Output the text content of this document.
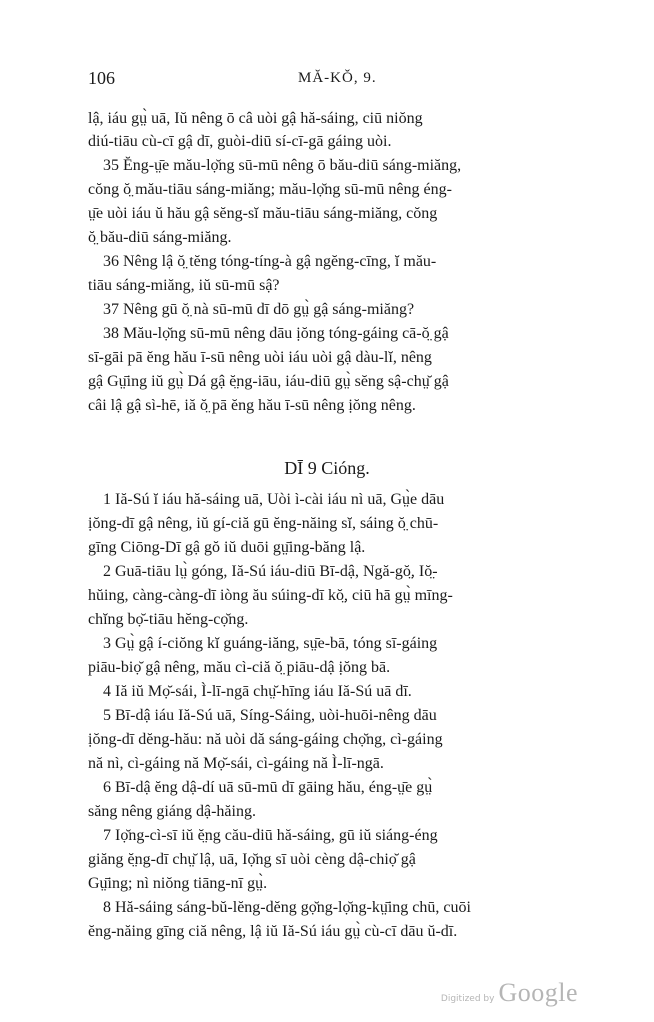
106	MĂ-KŎ, 9.
lậ, iáu gṳ̀ uā, Iŭ nêng ō câ uòi gậ hă-sáing, ciū niŏng
diú-tiāu cù-cī gậ dī, guòi-diū sí-cī-gā gáing uòi.
35 Ĕng-ṳ̄e mău-lọ̆ng sū-mū nêng ō bău-diū sáng-miăng,
cŏng ŏ̤ mău-tiāu sáng-miăng; mău-lọ̆ng sū-mū nêng éng-
ṳ̄e uòi iáu ŭ hău gậ sĕng-sĭ mău-tiāu sáng-miăng, cŏng
ŏ̤ bău-diū sáng-miăng.
36 Nêng lậ ŏ̤ tĕng tóng-tíng-à gậ ngĕng-cīng, ĭ mău-
tiāu sáng-miăng, iŭ sū-mū sậ?
37 Nêng gū ŏ̤ nà sū-mū dī dō gṳ̀ gậ sáng-miăng?
38 Mău-lọ̆ng sū-mū nêng dāu ịŏng tóng-gáing cā-ŏ̤ gậ
sī-gāi pā ĕng hău ī-sū nêng uòi iáu uòi gậ dàu-lĭ, nêng
gậ Gṳ̄ing iŭ gṳ̀ Dá gậ ĕ̤ng-iāu, iáu-diū gṳ̀ sĕng sậ-chṳ̆ gậ
câi lậ gậ sì-hē, iă ŏ̤ pā ĕng hău ī-sū nêng ịŏng nêng.
DĪ 9 Cióng.
1 Iă-Sú ĭ iáu hă-sáing uā, Uòi ì-cài iáu nì uā, Gṳ̀e dāu
ịŏng-dī gậ nêng, iŭ gí-ciă gū ĕng-năing sĭ, sáing ŏ̤ chū-
gīng Ciōng-Dī gậ gŏ iŭ duōi gṳ̄ing-băng lậ.
2 Guā-tiāu lṳ̀ góng, Iă-Sú iáu-diū Bī-dậ, Ngă-gŏ̤, Iŏ̤-
hŭing, càng-càng-dī iòng ău súing-dī kŏ̤, ciū hā gṳ̀ mīng-
chĭng bọ̆-tiāu hĕng-cọ̆ng.
3 Gṳ̀ gậ í-ciŏng kĭ guáng-iăng, sṳ̄e-bā, tóng sī-gáing
piāu-biọ̆ gậ nêng, mău cì-ciă ŏ̤ piāu-dậ ịŏng bā.
4 Iă iŭ Mọ̆-sái, Ì-lī-ngā chṳ̆-hīng iáu Iă-Sú uā dī.
5 Bī-dậ iáu Iă-Sú uā, Síng-Sáing, uòi-huōi-nêng dāu
ịŏng-dī dĕng-hău: nă uòi dă sáng-gáing chọ̆ng, cì-gáing
nă nì, cì-gáing nă Mọ̆-sái, cì-gáing nă Ì-lī-ngā.
6 Bī-dậ ĕng dậ-dí uā sū-mū dī gāing hău, éng-ṳ̄e gṳ̀
săng nêng giáng dậ-hăing.
7 Iọ̆ng-cì-sī iŭ ĕ̤ng cău-diū hă-sáing, gū iŭ siáng-éng
giăng ĕ̤ng-dī chṳ̆ lậ, uā, Iọ̆ng sī uòi cèng dậ-chiọ̆ gậ
Gṳ̄ing; nì niŏng tiāng-nī gṳ̀.
8 Hă-sáing sáng-bŭ-lĕng-dĕng gọ̆ng-lọ̆ng-kṳ̄ing chū, cuōi
ĕng-năing gīng ciă nêng, lậ iŭ Iă-Sú iáu gṳ̀ cù-cī dāu ŭ-dī.
Digitized by Google
